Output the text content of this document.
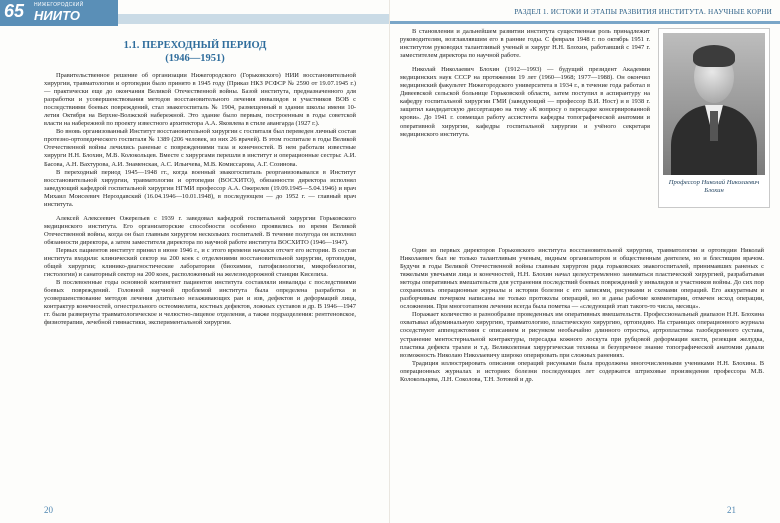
65 НИЖЕГОРОДСКИЙ
НИИТО
1.1. ПЕРЕХОДНЫЙ ПЕРИОД
(1946—1951)

Правительственное решение об организации Нижегородского (Горьковского) НИИ восстановительной хирургии, травматологии и ортопедии было принято в 1945 году (Приказ НКЗ РСФСР № 2590 от 19.07.1945 г.) — практически еще до окончания Великой Отечественной войны. Базой института, предназначенного для разработки и усовершенствования методов восстановительного лечения инвалидов и участников ВОВ с последствиями боевых повреждений, стал эвакогоспиталь № 1904, размещенный в здании школы имени 10-летия Октября на Верхне-Волжской набережной. Это здание было первым, построенным в годы советской власти на набережной по проекту известного архитектора А.А. Яковлева в стиле авангарда (1927 г.).

Во вновь организованный Институт восстановительной хирургии с госпиталя был переведен личный состав протезно-ортопедического госпиталя № 1389 (206 человек, из них 26 врачей). В этом госпитале в годы Великой Отечественной войны лечились раненые с повреждениями таза и конечностей. В нем работали известные хирурги Н.Н. Блохин, М.В. Колокольцев. Вместе с хирургами перешли в институт и операционные сестры: А.И. Басова, А.Н. Вахтурова, А.И. Знаменская, А.С. Ильичева, М.В. Комиссарова, А.Г. Созинова.

В переходный период 1945—1948 гг., когда военный эвакогоспиталь реорганизовывался в Институт восстановительной хирургии, травматологии и ортопедии (ВОСХИТО), обязанности директора исполнял заведующий кафедрой госпитальной хирургии НГМИ профессор А.А. Ожерелев (19.09.1945—5.04.1946) и врач Михаил Моисеевич Нероздавский (16.04.1946—10.01.1948), в последующем — до 1952 г. — главный врач института.

Алексей Алексеевич Ожерельев с 1939 г. заведовал кафедрой госпитальной хирургии Горьковского медицинского института. Его организаторские способности особенно проявились во время Великой Отечественной войны, когда он был главным хирургом нескольких госпиталей. В течение полугода он исполнял обязанности директора, а затем заместителя директора по научной работе института ВОСХИТО (1946—1947).

Первых пациентов институт принял в июне 1946 г., и с этого времени начался отсчет его истории. В состав института входили: клинический сектор на 200 коек с отделениями восстановительной хирургии, ортопедии, общей хирургии; клинико-диагностические лаборатории (биохимии, патофизиологии, микробиологии, гистологии) и санаторный сектор на 200 коек, расположенный на железнодорожной станции Киселиха.

В послевоенные годы основной контингент пациентов института составляли инвалиды с последствиями боевых повреждений. Головной научной проблемой института была определена разработка и усовершенствование методов лечения длительно незаживающих ран и язв, дефектов и деформаций лица, контрактур конечностей, огнестрельного остеомиелита, костных дефектов, ложных суставов и др. В 1946—1947 гг. были развернуты травматологическое и челюстно-лицевое отделения, а также подразделения: рентгеновское, физиотерапии, лечебной гимнастики, экспериментальной хирургии.

20
РАЗДЕЛ 1. ИСТОКИ И ЭТАПЫ РАЗВИТИЯ ИНСТИТУТА. НАУЧНЫЕ КОРНИ

В становлении и дальнейшем развитии института существенная роль принадлежит руководителям, возглавлявшим его в ранние годы. С февраля 1948 г. по октябрь 1951 г. институтом руководил талантливый ученый и хирург Н.Н. Блохин, работавший с 1947 г. заместителем директора по научной работе.

Николай Николаевич Блохин (1912—1993) — будущий президент Академии медицинских наук СССР на протяжении 19 лет (1960—1968; 1977—1988). Он окончил медицинский факультет Нижегородского университета в 1934 г., в течение года работал в Дивеевской сельской больнице Горьковской области, затем поступил в аспирантуру на кафедру госпитальной хирургии ГМИ (заведующий — профессор В.И. Ност) и в 1938 г. защитил кандидатскую диссертацию на тему «К вопросу о пересадке консервированной крови». До 1941 г. совмещал работу ассистента кафедры топографической анатомии и оперативной хирургии, кафедры госпитальной хирургии и учёного секретаря медицинского института.

Профессор Николай Николаевич Блохин

Один из первых директоров Горьковского института восстановительной хирургии, травматологии и ортопедии Николай Николаевич был не только талантливым ученым, видным организатором и общественным деятелем, но и блестящим врачом. Будучи в годы Великой Отечественной войны главным хирургом ряда горьковских эвакогоспиталей, принимавших раненых с тяжелыми увечьями лица и конечностей, Н.Н. Блохин начал целеустремленно заниматься пластической хирургией, разрабатывая методы оперативных вмешательств для устранения последствий боевых повреждений у инвалидов и участников войны. До сих пор сохранились операционные журналы и истории болезни с его записями, рисунками и схемами операций. Его аккуратным и разборчивым почерком написаны не только протоколы операций, но и даны рабочие комментарии, отмечен исход операции, осложнения. При многоэтапном лечении всегда была пометка — «следующий этап такого-то числа, месяца».

Поражает количество и разнообразие проведенных им оперативных вмешательств. Профессиональный диапазон Н.Н. Блохина охватывал абдоминальную хирургию, травматологию, пластическую хирургию, ортопедию. На страницах операционного журнала соседствуют аппендэктомия с описанием и рисунком необычайно длинного отростка, артропластика тазобедренного сустава, устранение ментостернальной контрактуры, пересадка кожного лоскута при рубцовой деформации кисти, резекция желудка, пластика дефекта трахеи и т.д. Великолепная хирургическая техника и безупречное знание топографической анатомии давали возможность Николаю Николаевичу широко оперировать при сложных ранениях.

Традиция иллюстрировать описания операций рисунками была продолжена многочисленными учениками Н.Н. Блохина. В операционных журналах и историях болезни последующих лет содержатся штриховые произведения профессора М.В. Колокольцева, Л.Н. Соколова, Т.Н. Зотовой и др.

21
